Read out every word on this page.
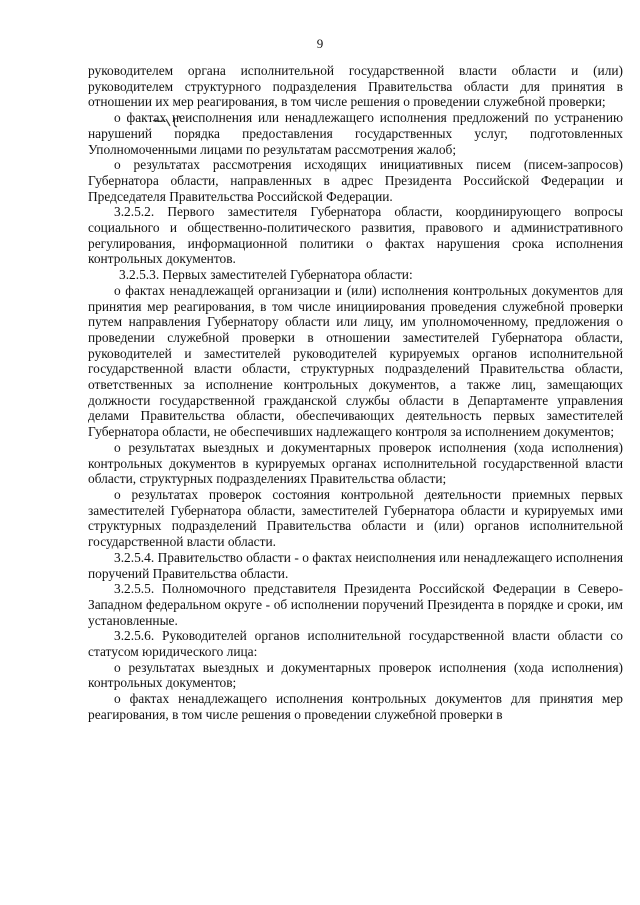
9

руководителем органа исполнительной государственной власти области и (или) руководителем структурного подразделения Правительства области для принятия в отношении их мер реагирования, в том числе решения о проведении служебной проверки;

о фактах неисполнения или ненадлежащего исполнения предложений по устранению нарушений порядка предоставления государственных услуг, подготовленных Уполномоченными лицами по результатам рассмотрения жалоб;

о результатах рассмотрения исходящих инициативных писем (писем-запросов) Губернатора области, направленных в адрес Президента Российской Федерации и Председателя Правительства Российской Федерации.

3.2.5.2. Первого заместителя Губернатора области, координирующего вопросы социального и общественно-политического развития, правового и административного регулирования, информационной политики о фактах нарушения срока исполнения контрольных документов.

3.2.5.3. Первых заместителей Губернатора области:

о фактах ненадлежащей организации и (или) исполнения контрольных документов для принятия мер реагирования, в том числе инициирования проведения служебной проверки путем направления Губернатору области или лицу, им уполномоченному, предложения о проведении служебной проверки в отношении заместителей Губернатора области, руководителей и заместителей руководителей курируемых органов исполнительной государственной власти области, структурных подразделений Правительства области, ответственных за исполнение контрольных документов, а также лиц, замещающих должности государственной гражданской службы области в Департаменте управления делами Правительства области, обеспечивающих деятельность первых заместителей Губернатора области, не обеспечивших надлежащего контроля за исполнением документов;

о результатах выездных и документарных проверок исполнения (хода исполнения) контрольных документов в курируемых органах исполнительной государственной власти области, структурных подразделениях Правительства области;

о результатах проверок состояния контрольной деятельности приемных первых заместителей Губернатора области, заместителей Губернатора области и курируемых ими структурных подразделений Правительства области и (или) органов исполнительной государственной власти области.

3.2.5.4. Правительство области - о фактах неисполнения или ненадлежащего исполнения поручений Правительства области.

3.2.5.5. Полномочного представителя Президента Российской Федерации в Северо-Западном федеральном округе - об исполнении поручений Президента в порядке и сроки, им установленные.

3.2.5.6. Руководителей органов исполнительной государственной власти области со статусом юридического лица:

о результатах выездных и документарных проверок исполнения (хода исполнения) контрольных документов;

о фактах ненадлежащего исполнения контрольных документов для принятия мер реагирования, в том числе решения о проведении служебной проверки в
